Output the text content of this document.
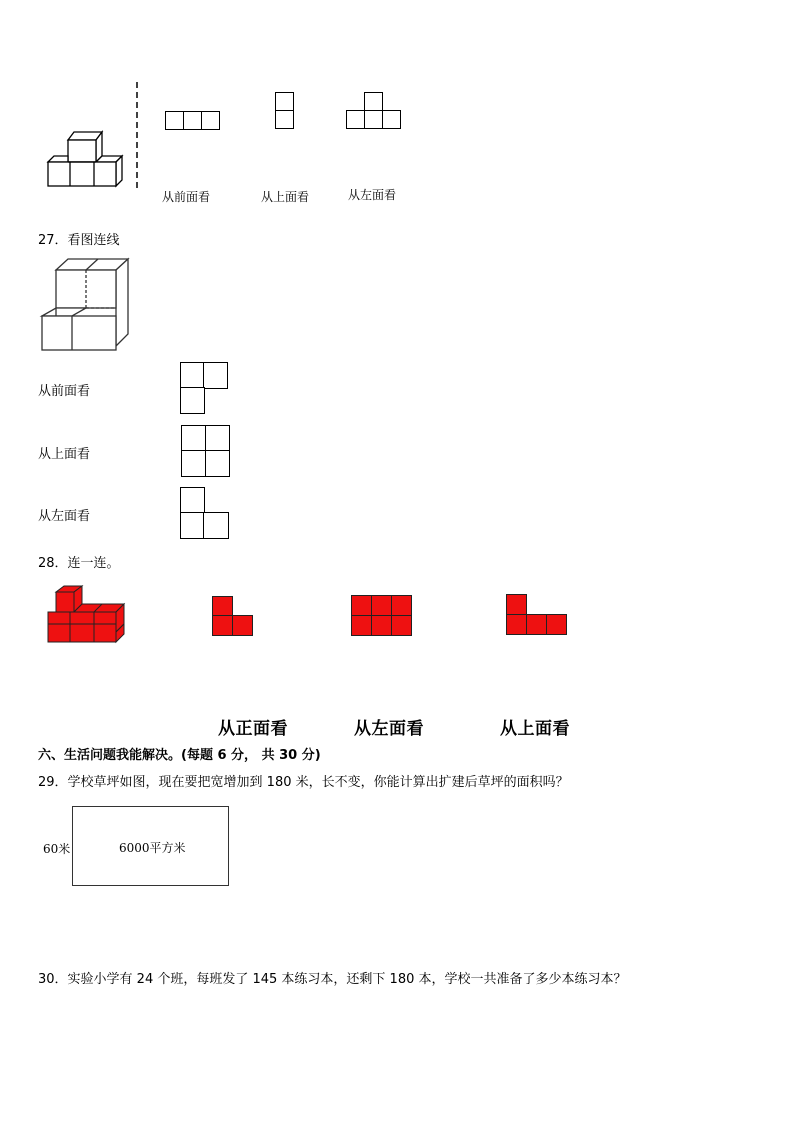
从前面看	从上面看	从左面看
27．看图连线
从前面看
从上面看
从左面看
28．连一连。
从正面看	从左面看	从上面看
六、生活问题我能解决。(每题 6 分， 共 30 分)
29．学校草坪如图，现在要把宽增加到 180 米，长不变，你能计算出扩建后草坪的面积吗？
60米	6000平方米
30．实验小学有 24 个班，每班发了 145 本练习本，还剩下 180 本，学校一共准备了多少本练习本？
